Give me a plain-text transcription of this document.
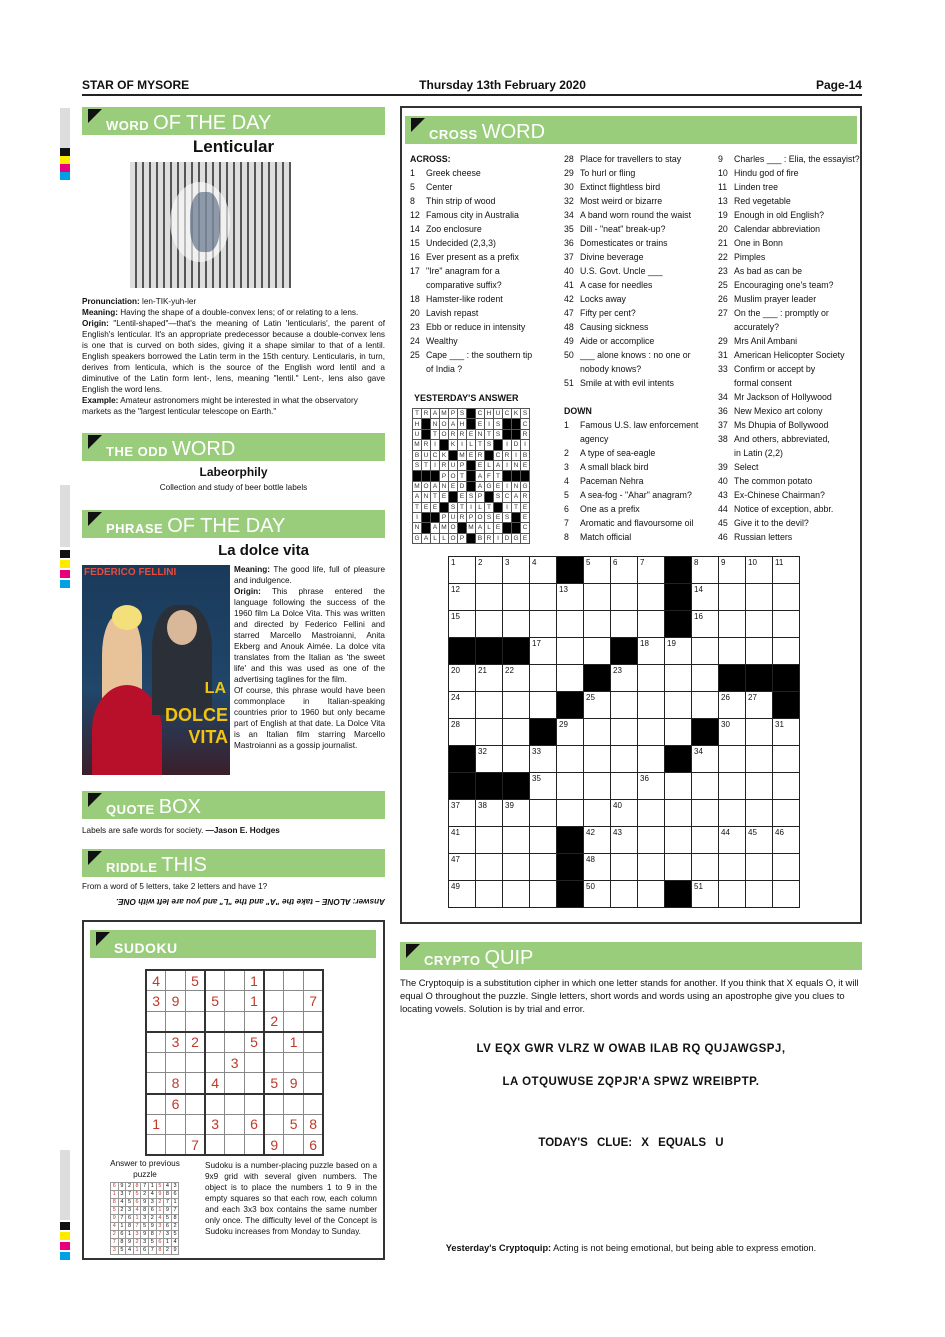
STAR OF MYSORE	Thursday 13th February 2020	Page-14
WORD OF THE DAY
Lenticular
Pronunciation: len-TIK-yuh-ler
Meaning: Having the shape of a double-convex lens; of or relating to a lens.
Origin: "Lentil-shaped"—that's the meaning of Latin 'lenticularis', the parent of English's lenticular. It's an appropriate predecessor because a double-convex lens is one that is curved on both sides, giving it a shape similar to that of a lentil. English speakers borrowed the Latin term in the 15th century. Lenticularis, in turn, derives from lenticula, which is the source of the English word lentil and a diminutive of the Latin form lent-, lens, meaning "lentil." Lent-, lens also gave English the word lens.
Example: Amateur astronomers might be interested in what the observatory markets as the "largest lenticular telescope on Earth."
THE ODD WORD
Labeorphily
Collection and study of beer bottle labels
PHRASE OF THE DAY
La dolce vita
FEDERICO FELLINI
LA
DOLCE
VITA
Meaning: The good life, full of pleasure and indulgence.
Origin: This phrase entered the language following the success of the 1960 film La Dolce Vita. This was written and directed by Federico Fellini and starred Marcello Mastroianni, Anita Ekberg and Anouk Aimée. La dolce vita translates from the Italian as 'the sweet life' and this was used as one of the advertising taglines for the film.
Of course, this phrase would have been commonplace in Italian-speaking countries prior to 1960 but only became part of English at that date. La Dolce Vita is an Italian film starring Marcello Mastroianni as a gossip journalist.
QUOTE BOX
Labels are safe words for society. —Jason E. Hodges
RIDDLE THIS
From a word of 5 letters, take 2 letters and have 1?
Answer: ALONE – take the "A" and the "L" and you are left with ONE.
SUDOKU
4		5			1			
3	9		5		1			7
						2		
	3	2			5		1	
				3				
	8		4			5	9	
	6							
1			3		6		5	8
		7				9		6
Answer to previous puzzle
6	9	2	8	7	1	5	4	3
1	3	7	5	2	4	9	8	6
8	4	5	6	9	3	2	7	1
5	2	3	4	8	6	1	9	7
9	7	6	1	3	2	4	5	8
4	1	8	7	5	9	3	6	2
2	6	1	3	9	8	7	3	5
7	8	9	2	3	5	6	1	4
3	5	4	1	6	7	8	2	9
Sudoku is a number-placing puzzle based on a 9x9 grid with several given numbers. The object is to place the numbers 1 to 9 in the empty squares so that each row, each column and each 3x3 box contains the same number only once. The difficulty level of the Concept is Sudoku increases from Monday to Sunday.
CROSS WORD
ACROSS:
1	Greek cheese
5	Center
8	Thin strip of wood
12 Famous city in Australia
14 Zoo enclosure
15 Undecided (2,3,3)
16 Ever present as a prefix
17 "Ire" anagram for a
comparative suffix?
18 Hamster-like rodent
20 Lavish repast
23 Ebb or reduce in intensity
24 Wealthy
25 Cape ___ : the southern tip
of India ?
28 Place for travellers to stay
29 To hurl or fling
30 Extinct flightless bird
32 Most weird or bizarre
34 A band worn round the waist
35 Dill - "neat" break-up?
36 Domesticates or trains
37 Divine beverage
40 U.S. Govt. Uncle ___
41 A case for needles
42 Locks away
47 Fifty per cent?
48 Causing sickness
49 Aide or accomplice
50 ___ alone knows : no one or
nobody knows?
51 Smile at with evil intents
DOWN
1	Famous U.S. law enforcement
agency
2	A type of sea-eagle
3	A small black bird
4	Paceman Nehra
5	A sea-fog - "Ahar" anagram?
6	One as a prefix
7	Aromatic and flavoursome oil
8	Match official
9	Charles ___ : Elia, the essayist?
10 Hindu god of fire
11 Linden tree
13 Red vegetable
19 Enough in old English?
20 Calendar abbreviation
21 One in Bonn
22 Pimples
23 As bad as can be
25 Encouraging one's team?
26 Muslim prayer leader
27 On the ___ : promptly or
accurately?
29 Mrs Anil Ambani
31 American Helicopter Society
33 Confirm or accept by
formal consent
34 Mr Jackson of Hollywood
36 New Mexico art colony
37 Ms Dhupia of Bollywood
38 And others, abbreviated,
in Latin (2,2)
39 Select
40 The common potato
43 Ex-Chinese Chairman?
44 Notice of exception, abbr.
45 Give it to the devil?
46 Russian letters
YESTERDAY'S ANSWER
T	R	A	M	P	S		C	H	U	C	K	S
H		N	O	A	H		E	I	S			C
U		T	O	R	R	E	N	T	S			R
M	R	I		K	I	L	T	S		I	D	I
B	U	C	K		M	E	R		C	R	I	B
S	T	I	R	U	P		E	L	A	I	N	E
			P	O	T		A	F	T			
M	O	A	N	E	D		A	G	E	I	N	G
A	N	T	E		E	S	P		S	C	A	R
T	E	E		S	T	I	L	T		I	T	E
I			P	U	R	P	O	S	E	S		E
N		A	M	O		M	A	L	E			C
G	A	L	L	O	P		B	R	I	D	G	E
1	2	3	4		5	6	7		8	9	10	11
12				13					14			
15									16			
			17				18	19				
20	21	22				23						
24					25					26	27	
28				29						30		31
	32		33						34			
			35				36					
37	38	39				40						
41					42	43				44	45	46
47					48							
49					50				51			
CRYPTO QUIP
The Cryptoquip is a substitution cipher in which one letter stands for another. If you think that X equals O, it will equal O throughout the puzzle. Single letters, short words and words using an apostrophe give you clues to locating vowels. Solution is by trial and error.
LV EQX GWR VLRZ W OWAB ILAB RQ QUJAWGSPJ,
LA OTQUWUSE ZQPJR'A SPWZ WREIBPTP.
TODAY'S CLUE: X EQUALS U
Yesterday's Cryptoquip: Acting is not being emotional, but being able to express emotion.
